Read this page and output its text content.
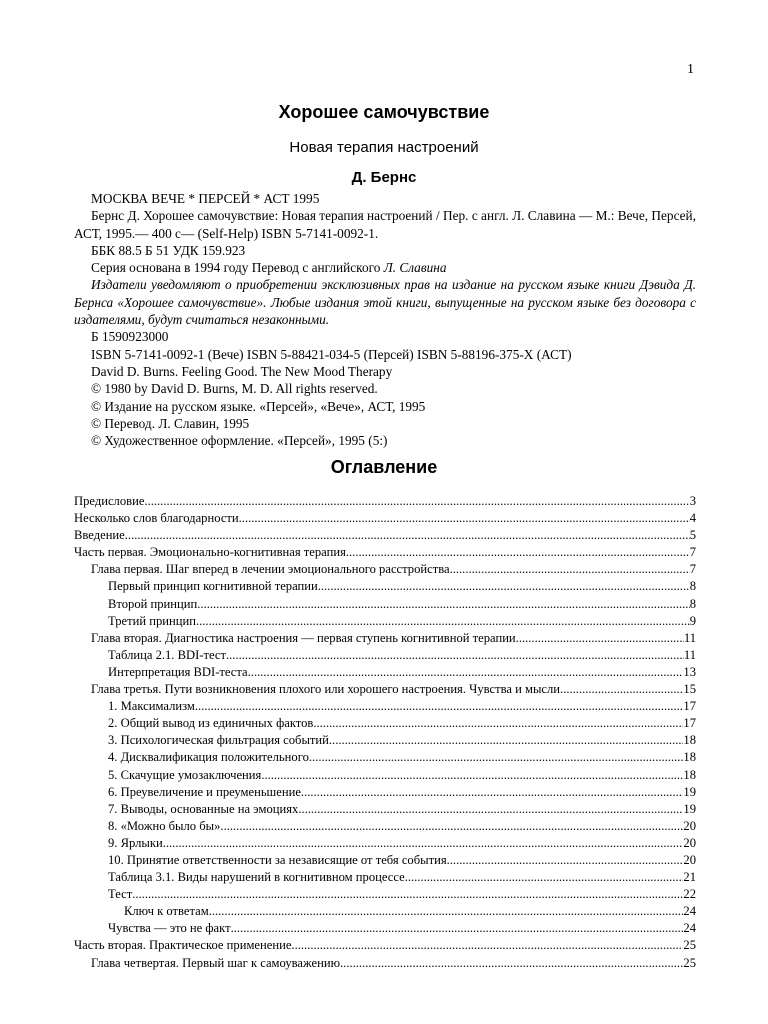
1
Хорошее самочувствие
Новая терапия настроений
Д. Бернс

МОСКВА ВЕЧЕ * ПЕРСЕЙ * АСТ 1995

Бернс Д. Хорошее самочувствие: Новая терапия настроений / Пер. с англ. Л. Славина — М.: Вече, Персей, АСТ, 1995.— 400 с— (Self-Help) ISBN 5-7141-0092-1.

ББК 88.5 Б 51 УДК 159.923

Серия основана в 1994 году Перевод с английского Л. Славина

Издатели уведомляют о приобретении эксклюзивных прав на издание на русском языке книги Дэвида Д. Бернса «Хорошее самочувствие». Любые издания этой книги, выпущенные на русском языке без договора с издателями, будут считаться незаконными.

Б 1590923000

ISBN 5-7141-0092-1 (Вече) ISBN 5-88421-034-5 (Персей) ISBN 5-88196-375-X (АСТ)

David D. Burns. Feeling Good. The New Mood Therapy

© 1980 by David D. Burns, M. D. All rights reserved.

© Издание на русском языке. «Персей», «Вече», АСТ, 1995

© Перевод. Л. Славин, 1995

© Художественное оформление. «Персей», 1995 (5:)

Оглавление
Предисловие .....	3
Несколько слов благодарности .....	4
Введение .....	5
Часть первая. Эмоционально-когнитивная терапия .....	7
Глава первая. Шаг вперед в лечении эмоционального расстройства .....	7
Первый принцип когнитивной терапии .....	8
Второй принцип .....	8
Третий принцип .....	9
Глава вторая. Диагностика настроения — первая ступень когнитивной терапии .....	11
Таблица 2.1. BDI-тест .....	11
Интерпретация BDI-теста .....	13
Глава третья. Пути возникновения плохого или хорошего настроения. Чувства и мысли .....	15
1. Максимализм .....	17
2. Общий вывод из единичных фактов .....	17
3. Психологическая фильтрация событий .....	18
4. Дисквалификация положительного .....	18
5. Скачущие умозаключения .....	18
6. Преувеличение и преуменьшение .....	19
7. Выводы, основанные на эмоциях .....	19
8. «Можно было бы» .....	20
9. Ярлыки .....	20
10. Принятие ответственности за независящие от тебя события .....	20
Таблица 3.1. Виды нарушений в когнитивном процессе .....	21
Тест .....	22
Ключ к ответам .....	24
Чувства — это не факт .....	24
Часть вторая. Практическое применение .....	25
Глава четвертая. Первый шаг к самоуважению .....	25
